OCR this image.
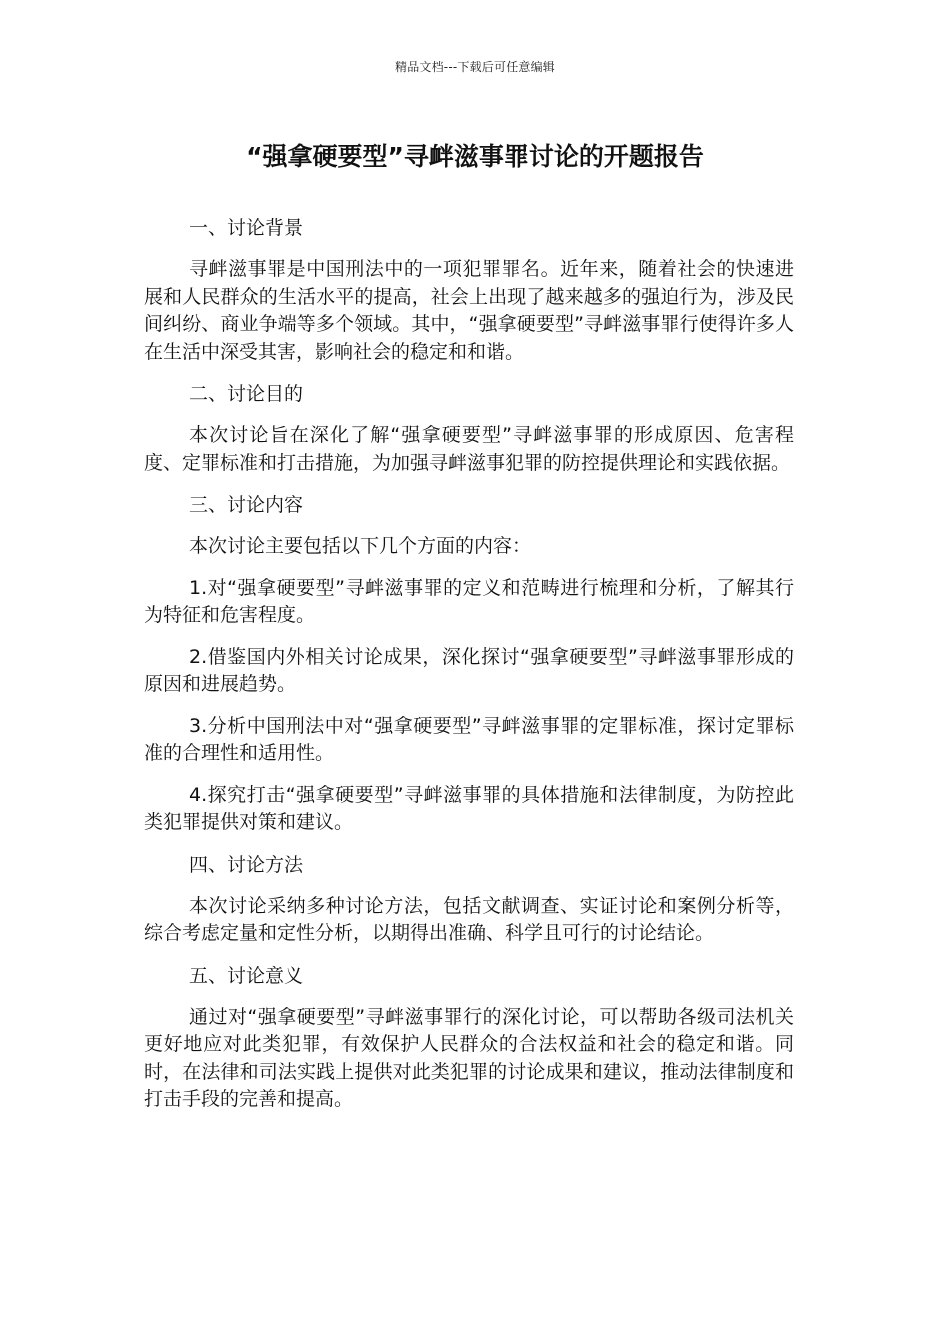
精品文档---下载后可任意编辑
“强拿硬要型”寻衅滋事罪讨论的开题报告

一、讨论背景

寻衅滋事罪是中国刑法中的一项犯罪罪名。近年来，随着社会的快速进展和人民群众的生活水平的提高，社会上出现了越来越多的强迫行为，涉及民间纠纷、商业争端等多个领域。其中，“强拿硬要型”寻衅滋事罪行使得许多人在生活中深受其害，影响社会的稳定和和谐。

二、讨论目的

本次讨论旨在深化了解“强拿硬要型”寻衅滋事罪的形成原因、危害程度、定罪标准和打击措施，为加强寻衅滋事犯罪的防控提供理论和实践依据。

三、讨论内容

本次讨论主要包括以下几个方面的内容：

1.对“强拿硬要型”寻衅滋事罪的定义和范畴进行梳理和分析，了解其行为特征和危害程度。

2.借鉴国内外相关讨论成果，深化探讨“强拿硬要型”寻衅滋事罪形成的原因和进展趋势。

3.分析中国刑法中对“强拿硬要型”寻衅滋事罪的定罪标准，探讨定罪标准的合理性和适用性。

4.探究打击“强拿硬要型”寻衅滋事罪的具体措施和法律制度，为防控此类犯罪提供对策和建议。

四、讨论方法

本次讨论采纳多种讨论方法，包括文献调查、实证讨论和案例分析等，综合考虑定量和定性分析，以期得出准确、科学且可行的讨论结论。

五、讨论意义

通过对“强拿硬要型”寻衅滋事罪行的深化讨论，可以帮助各级司法机关更好地应对此类犯罪，有效保护人民群众的合法权益和社会的稳定和谐。同时，在法律和司法实践上提供对此类犯罪的讨论成果和建议，推动法律制度和打击手段的完善和提高。
